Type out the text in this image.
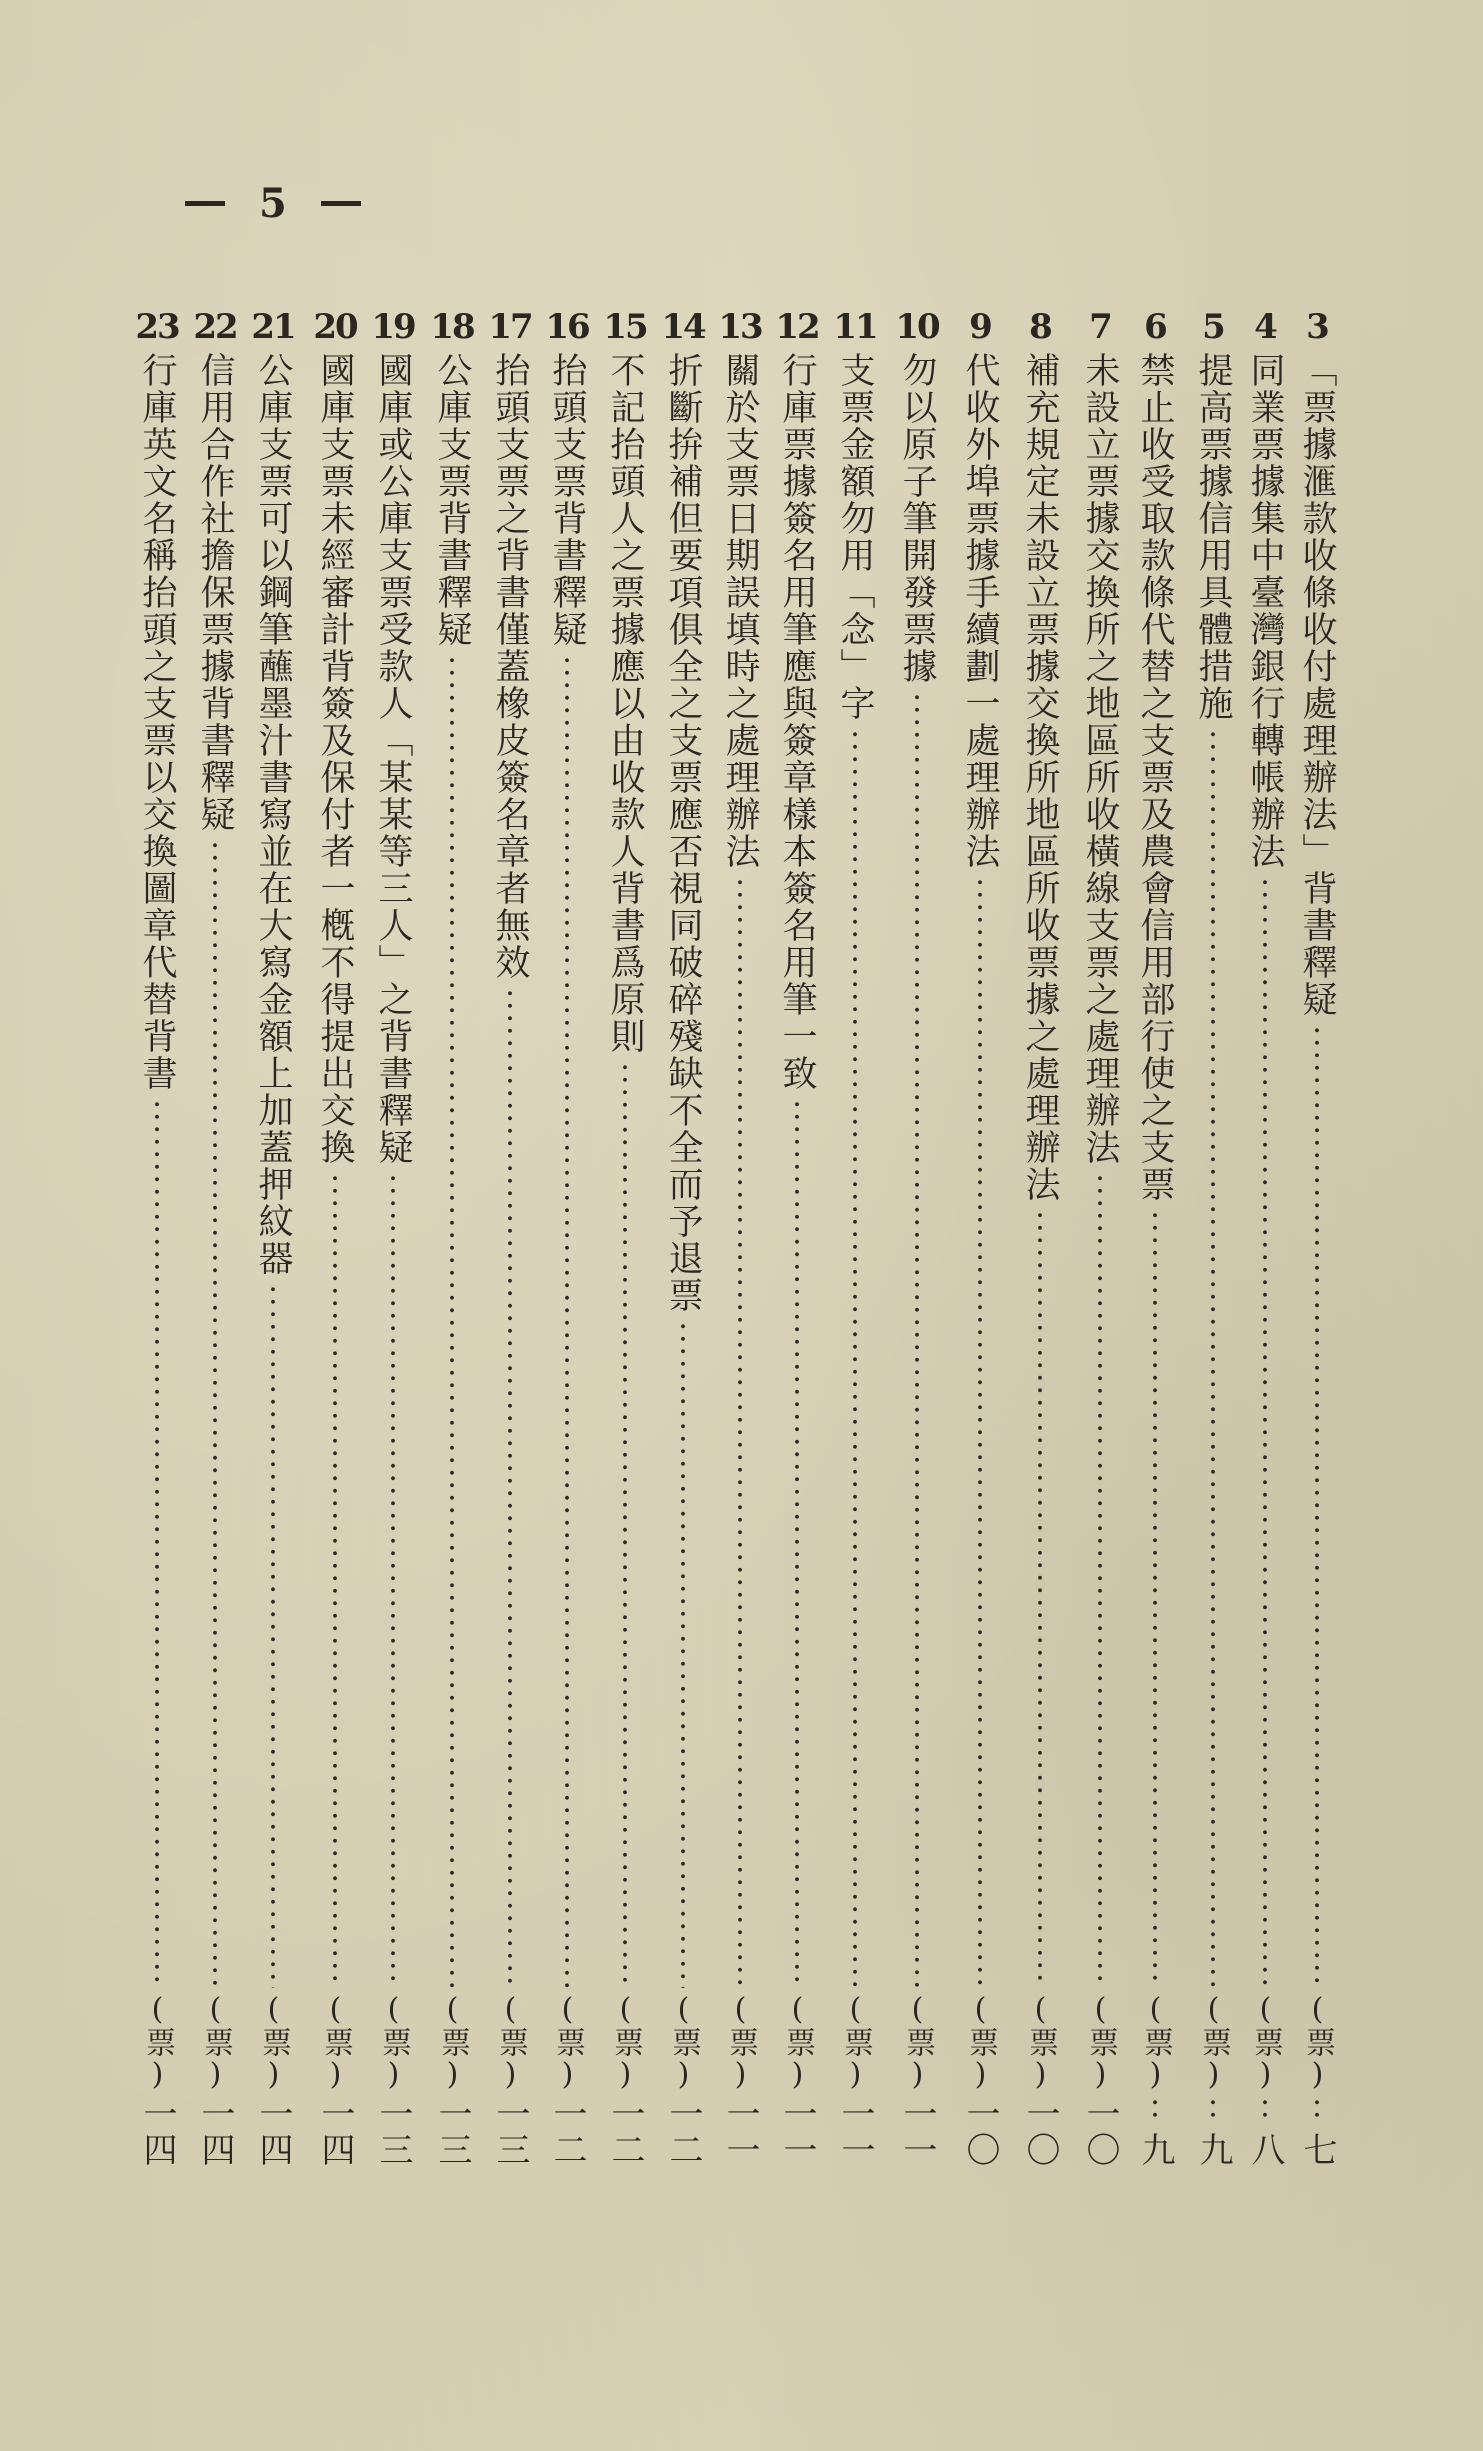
5
3
「票據滙款收條收付處理辦法」背書釋疑
(票)
七
4
同業票據集中臺灣銀行轉帳辦法
(票)
八
5
提高票據信用具體措施
(票)
九
6
禁止收受取款條代替之支票及農會信用部行使之支票
(票)
九
7
未設立票據交換所之地區所收橫線支票之處理辦法
(票)
一〇
8
補充規定未設立票據交換所地區所收票據之處理辦法
(票)
一〇
9
代收外埠票據手續劃一處理辦法
(票)
一〇
10
勿以原子筆開發票據
(票)
一一
11
支票金額勿用「念」字
(票)
一一
12
行庫票據簽名用筆應與簽章樣本簽名用筆一致
(票)
一一
13
關於支票日期誤填時之處理辦法
(票)
一一
14
折斷拚補但要項俱全之支票應否視同破碎殘缺不全而予退票
(票)
一二
15
不記抬頭人之票據應以由收款人背書爲原則
(票)
一二
16
抬頭支票背書釋疑
(票)
一二
17
抬頭支票之背書僅蓋橡皮簽名章者無效
(票)
一三
18
公庫支票背書釋疑
(票)
一三
19
國庫或公庫支票受款人「某某等三人」之背書釋疑
(票)
一三
20
國庫支票未經審計背簽及保付者一槪不得提出交換
(票)
一四
21
公庫支票可以鋼筆蘸墨汁書寫並在大寫金額上加蓋押紋器
(票)
一四
22
信用合作社擔保票據背書釋疑
(票)
一四
23
行庫英文名稱抬頭之支票以交換圖章代替背書
(票)
一四
